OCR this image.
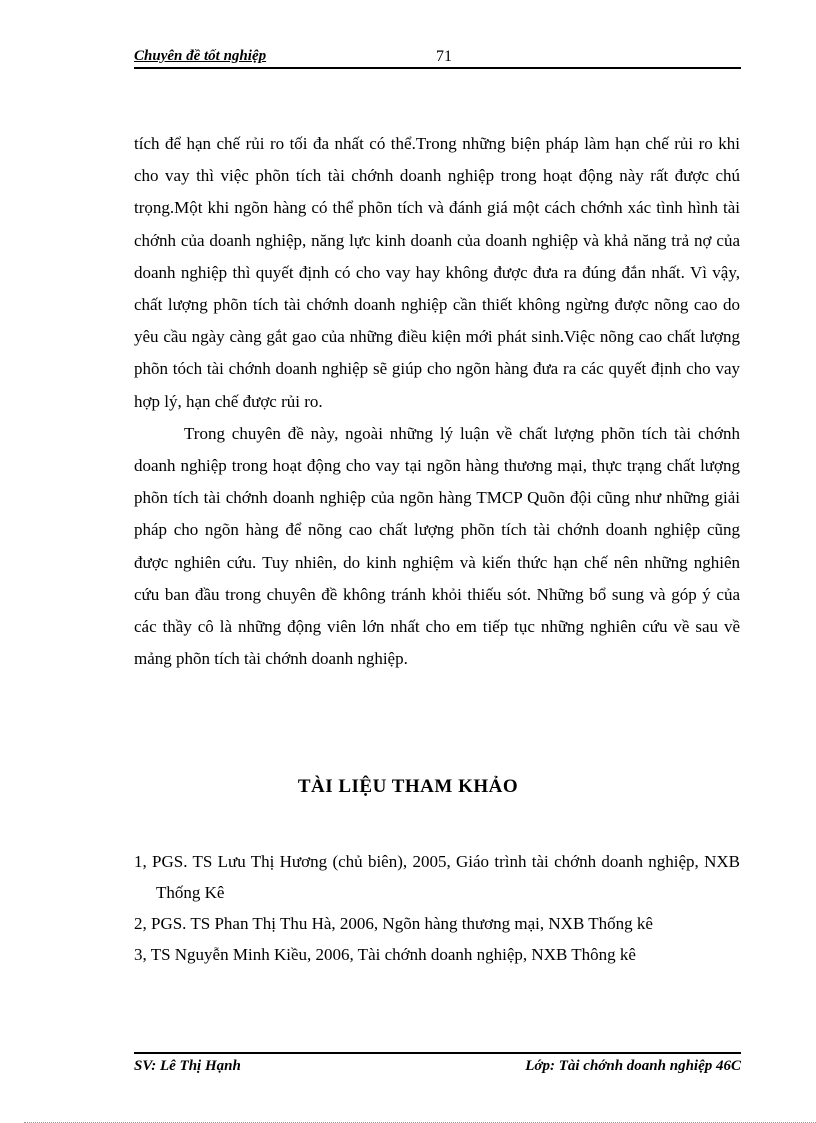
Chuyên đề tốt nghiệp	71

tích để hạn chế rủi ro tối đa nhất có thể.Trong những biện pháp làm hạn chế rủi ro khi cho vay thì việc phõn tích tài chớnh doanh nghiệp trong hoạt động này rất được chú trọng.Một khi ngõn hàng có thể phõn tích và đánh giá một cách chớnh xác tình hình tài chớnh của doanh nghiệp, năng lực kinh doanh của doanh nghiệp và khả năng trả nợ của doanh nghiệp thì quyết định có cho vay hay không được đưa ra đúng đắn nhất. Vì vậy, chất lượng phõn tích tài chớnh doanh nghiệp cần thiết không ngừng được nõng cao do yêu cầu ngày càng gắt gao của những điều kiện mới phát sinh.Việc nõng cao chất lượng phõn tóch tài chớnh doanh nghiệp sẽ giúp cho ngõn hàng đưa ra các quyết định cho vay hợp lý, hạn chế được rủi ro.

Trong chuyên đề này, ngoài những lý luận về chất lượng phõn tích tài chớnh doanh nghiệp trong hoạt động cho vay tại ngõn hàng thương mại, thực trạng chất lượng phõn tích tài chớnh doanh nghiệp của ngõn hàng TMCP Quõn đội cũng như những giải pháp cho ngõn hàng để nõng cao chất lượng phõn tích tài chớnh doanh nghiệp cũng được nghiên cứu. Tuy nhiên, do kinh nghiệm và kiến thức hạn chế nên những nghiên cứu ban đầu trong chuyên đề không tránh khỏi thiếu sót. Những bổ sung và góp ý của các thầy cô là những động viên lớn nhất cho em tiếp tục những nghiên cứu về sau về mảng phõn tích tài chớnh doanh nghiệp.

TÀI LIỆU THAM KHẢO
1, PGS. TS Lưu Thị Hương (chủ biên), 2005, Giáo trình tài chớnh doanh nghiệp, NXB Thống Kê
2, PGS. TS Phan Thị Thu Hà, 2006, Ngõn hàng thương mại, NXB Thống kê
3, TS Nguyễn Minh Kiều, 2006, Tài chớnh doanh nghiệp, NXB Thông kê
SV: Lê Thị Hạnh	Lớp: Tài chớnh doanh nghiệp 46C
